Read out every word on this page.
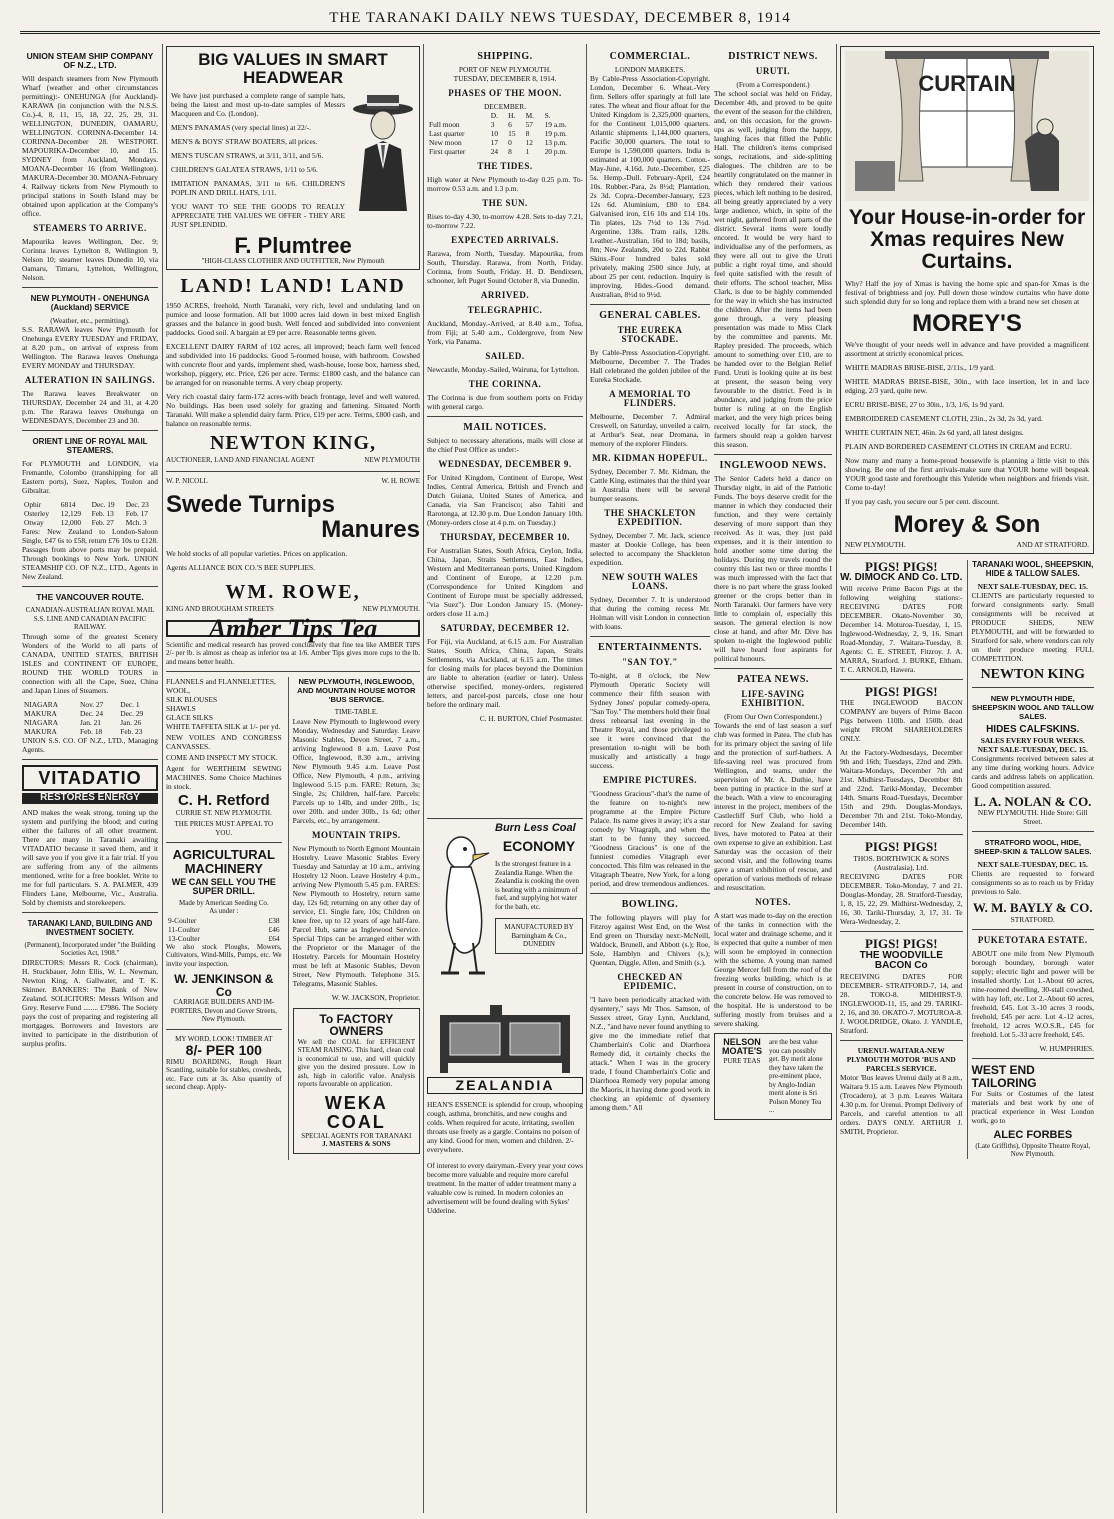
THE TARANAKI DAILY NEWS TUESDAY, DECEMBER 8, 1914
UNION STEAM SHIP COMPANY OF N.Z., LTD.

Will despatch steamers from New Plymouth Wharf (weather and other circumstances permitting):- ONEHUNGA (for Auckland)- KARAWA (in conjunction with the N.S.S. Co.)-4, 8, 11, 15, 18, 22, 25, 29, 31. WELLINGTON, DUNEDIN, OAMARU, WELLINGTON. CORINNA-December 14. CORINNA-December 28. WESTPORT. MAPOURIKA-December 10, and 15. SYDNEY from Auckland, Mondays. MOANA-December 16 (from Wellington). MAKURA-December 30. MOANA-February 4. Railway tickets from New Plymouth to principal stations in South Island may be obtained upon application at the Company's office.

STEAMERS TO ARRIVE.

Mapourika leaves Wellington, Dec. 9; Corinna leaves Lyttelton 8, Wellington 9, Nelson 10; steamer leaves Dunedin 10, via Oamaru, Timaru, Lyttelton, Wellington, Nelson.

NEW PLYMOUTH - ONEHUNGA (Auckland) SERVICE
(Weather, etc., permitting).

S.S. RARAWA leaves New Plymouth for Onehunga EVERY TUESDAY and FRIDAY, at 8.20 p.m., on arrival of express from Wellington. The Rarawa leaves Onehunga EVERY MONDAY and THURSDAY.

ALTERATION IN SAILINGS.

The Rarawa leaves Breakwater on THURSDAY, December 24 and 31, at 4.20 p.m. The Rarawa leaves Onehunga on WEDNESDAYS, December 23 and 30.

ORIENT LINE OF ROYAL MAIL STEAMERS.

For PLYMOUTH and LONDON, via Fremantle, Colombo (transhipping for all Eastern ports), Suez, Naples, Toulon and Gibraltar.

Ophir	6814	Dec. 19	Dec. 23
Osterley	12,129	Feb. 13	Feb. 17
Otway	12,000	Feb. 27	Mch. 3

Fares: New Zealand to London-Saloon Single, £47 6s to £58, return £76 10s to £128. Passages from above ports may be prepaid. Through bookings to New York. UNION STEAMSHIP CO. OF N.Z., LTD., Agents in New Zealand.

THE VANCOUVER ROUTE.
CANADIAN-AUSTRALIAN ROYAL MAIL S.S. LINE AND CANADIAN PACIFIC RAILWAY.

Through some of the greatest Scenery Wonders of the World to all parts of CANADA, UNITED STATES, BRITISH ISLES and CONTINENT OF EUROPE, ROUND THE WORLD TOURS in connection with all the Cape, Suez, China and Japan Lines of Steamers.

NIAGARA	Nov. 27	Dec. 1
MAKURA	Dec. 24	Dec. 29
NIAGARA	Jan. 21	Jan. 26
MAKURA	Feb. 18	Feb. 23

UNION S.S. CO. OF N.Z., LTD., Managing Agents.

VITADATIO
RESTORES ENERGY

AND makes the weak strong, toning up the system and purifying the blood; and curing either the failures of all other treatment. There are many in Taranaki awaiting VITADATIO because it saved them, and it will save you if you give it a fair trial. If you are suffering from any of the ailments mentioned, write for a free booklet. Write to me for full particulars. S. A. PALMER, 439 Flinders Lane, Melbourne, Vic., Australia. Sold by chemists and storekeepers.

TARANAKI LAND, BUILDING AND INVESTMENT SOCIETY.
(Permanent), Incorporated under "the Building Societies Act, 1908."

DIRECTORS: Messrs R. Cock (chairman), H. Stuckbauer, John Ellis, W. L. Newman, Newton King, A. Gallwater, and T. K. Skinner. BANKERS: The Bank of New Zealand. SOLICITORS: Messrs Wilson and Grey. Reserve Fund ........ £7986. The Society pays the cost of preparing and registering all mortgages. Borrowers and Investors are invited to participate in the distribution of surplus profits.

BIG VALUES IN SMART HEADWEAR

We have just purchased a complete range of sample hats, being the latest and most up-to-date samples of Messrs Macqueen and Co. (London).

MEN'S PANAMAS (very special lines) at 22/-.

MEN'S & BOYS' STRAW BOATERS, all prices.

MEN'S TUSCAN STRAWS, at 3/11, 3/11, and 5/6.

CHILDREN'S GALATEA STRAWS, 1/11 to 5/6.

IMITATION PANAMAS, 3/11 to 6/6. CHILDREN'S POPLIN AND DRILL HATS, 1/11.

YOU WANT TO SEE THE GOODS TO REALLY APPRECIATE THE VALUES WE OFFER - THEY ARE JUST SPLENDID.

F. Plumtree
"HIGH-CLASS CLOTHIER AND OUTFITTER, New Plymouth
LAND! LAND! LAND

1950 ACRES, freehold, North Taranaki, very rich, level and undulating land on pumice and loose formation. All but 1000 acres laid down in best mixed English grasses and the balance in good bush. Well fenced and subdivided into convenient paddocks. Good soil. A bargain at £9 per acre. Reasonable terms given.

EXCELLENT DAIRY FARM of 102 acres, all improved; beach farm well fenced and subdivided into 16 paddocks. Good 5-roomed house, with bathroom. Cowshed with concrete floor and yards, implement shed, wash-house, loose box, harness shed, workshop, piggery, etc. Price, £26 per acre. Terms: £1800 cash, and the balance can be arranged for on reasonable terms. A very cheap property.

Very rich coastal dairy farm-172 acres-with beach frontage, level and well watered. No buildings. Has been used solely for grazing and fattening. Situated North Taranaki. Will make a splendid dairy farm. Price, £19 per acre. Terms, £800 cash, and balance on reasonable terms.

NEWTON KING,
AUCTIONEER, LAND AND FINANCIAL AGENT	NEW PLYMOUTH
W. P. NICOLL	W. H. ROWE
Swede Turnips
Manures

We hold stocks of all popular varieties. Prices on application.

Agents ALLIANCE BOX CO.'S BEE SUPPLIES.

WM. ROWE,
KING AND BROUGHAM STREETS	NEW PLYMOUTH.
Amber Tips Tea

Scientific and medical research has proved conclusively that fine tea like AMBER TIPS 2/- per lb. is almost as cheap as inferior tea at 1/6. Amber Tips gives more cups to the lb. and means better health.

FLANNELS and FLANNELETTES,

WOOL,

SILK BLOUSES

SHAWLS

GLACE SILKS

WHITE TAFFETA SILK at 1/- per yd.

NEW VOILES AND CONGRESS CANVASSES.

COME AND INSPECT MY STOCK.

Agent for WERTHEIM SEWING MACHINES. Some Choice Machines in stock.

C. H. Retford
CURRIE ST. NEW PLYMOUTH.
THE PRICES MUST APPEAL TO YOU.
AGRICULTURAL MACHINERY
WE CAN SELL YOU THE SUPER DRILL.
Made by American Seeding Co.
As under :
9-Coulter	£38
11-Coulter	£46
13-Coulter	£64

We also stock Ploughs, Mowers, Cultivators, Wind-Mills, Pumps, etc. We invite your inspection.

W. JENKINSON & Co
CARRIAGE BUILDERS AND IM-PORTERS, Devon and Gover Streets, New Plymouth.
MY WORD, LOOK! TIMBER AT
8/- PER 100

RIMU BOARDING, Rough Heart Scantling, suitable for stables, cowsheds, etc. Face cuts at 3s. Also quantity of second cheap. Apply-

NEW PLYMOUTH, INGLEWOOD, AND MOUNTAIN HOUSE MOTOR 'BUS SERVICE.
TIME-TABLE.

Leave New Plymouth to Inglewood every Monday, Wednesday and Saturday. Leave Masonic Stables, Devon Street, 7 a.m., arriving Inglewood 8 a.m. Leave Post Office, Inglewood, 8.30 a.m., arriving New Plymouth 9.45 a.m. Leave Post Office, New Plymouth, 4 p.m., arriving Inglewood 5.15 p.m. FARE: Return, 3s; Single, 2s; Children, half-fare. Parcels: Parcels up to 14lb, and under 20lb., 1s; over 20lb. and under 30lb., 1s 6d; other Parcels, etc., by arrangement.

MOUNTAIN TRIPS.

New Plymouth to North Egmont Mountain Hostelry. Leave Masonic Stables Every Tuesday and Saturday at 10 a.m., arriving Hostelry 12 Noon. Leave Hostelry 4 p.m., arriving New Plymouth 5.45 p.m. FARES: New Plymouth to Hostelry, return same day, 12s 6d; returning on any other day of service, £1. Single fare, 10s; Children on knee free, up to 12 years of age half-fare. Parcel Hub, same as Inglewood Service. Special Trips can be arranged either with the Proprietor or the Manager of the Hostelry. Parcels for Mountain Hostelry must be left at Masonic Stables, Devon Street, New Plymouth. Telephone 315. Telegrams, Masonic Stables.

W. W. JACKSON, Proprietor.
To FACTORY OWNERS

We sell the COAL for EFFICIENT STEAM RAISING. This hard, clean coal is economical to use, and will quickly give you the desired pressure. Low in ash, high in calorific value. Analysis reports favourable on application.

WEKA COAL
SPECIAL AGENTS FOR TARANAKI
J. MASTERS & SONS
SHIPPING.
PORT OF NEW PLYMOUTH.
TUESDAY, DECEMBER 8, 1914.
PHASES OF THE MOON.
DECEMBER.
	D.	H.	M.	S.
Full moon	3	6	57	19 a.m.
Last quarter	10	15	8	19 p.m.
New moon	17	0	12	13 p.m.
First quarter	24	8	1	20 p.m.
THE TIDES.

High water at New Plymouth to-day 0.25 p.m. To-morrow 0.53 a.m. and 1.3 p.m.

THE SUN.

Rises to-day 4.30, to-morrow 4.28. Sets to-day 7.21, to-morrow 7.22.

EXPECTED ARRIVALS.

Rarawa, from North, Tuesday. Mapourika, from South, Thursday. Rarawa, from North, Friday. Corinna, from South, Friday. H. D. Bendixsen, schooner, left Puget Sound October 8, via Dunedin.

ARRIVED.
TELEGRAPHIC.

Auckland, Monday.-Arrived, at 8.40 a.m., Tofua, from Fiji; at 5.40 a.m., Coldergrove, from New York, via Panama.

SAILED.

Newcastle, Monday.-Sailed, Wairuna, for Lyttelton.

THE CORINNA.

The Corinna is due from southern ports on Friday with general cargo.

MAIL NOTICES.

Subject to necessary alterations, mails will close at the chief Post Office as under:-

WEDNESDAY, DECEMBER 9.

For United Kingdom, Continent of Europe, West Indies, Central America, British and French and Dutch Guiana, United States of America, and Canada, via San Francisco; also Tahiti and Rarotonga, at 12.30 p.m. Due London January 10th. (Money-orders close at 4 p.m. on Tuesday.)

THURSDAY, DECEMBER 10.

For Australian States, South Africa, Ceylon, India, China, Japan, Straits Settlements, East Indies, Western and Mediterranean ports, United Kingdom and Continent of Europe, at 12.20 p.m. (Correspondence for United Kingdom and Continent of Europe must be specially addressed, "via Suez"). Due London January 15. (Money-orders close 11 a.m.)

SATURDAY, DECEMBER 12.

For Fiji, via Auckland, at 6.15 a.m. For Australian States, South Africa, China, Japan, Straits Settlements, via Auckland, at 6.15 a.m. The times for closing mails for places beyond the Dominion are liable to alteration (earlier or later). Unless otherwise specified, money-orders, registered letters, and parcel-post parcels, close one hour before the ordinary mail.

C. H. BURTON, Chief Postmaster.
COMMERCIAL.
LONDON MARKETS.

By Cable-Press Association-Copyright. London, December 6. Wheat.-Very firm. Sellers offer sparingly at full late rates. The wheat and flour afloat for the United Kingdom is 2,325,000 quarters, for the Continent 1,015,000 quarters. Atlantic shipments 1,144,000 quarters, Pacific 30,000 quarters. The total to Europe is 1,590,000 quarters. India is estimated at 100,000 quarters. Cotton.-May-June, 4.16d. Jute.-December, £25 5s. Hemp.-Dull. February-April, £24 10s. Rubber.-Para, 2s 8½d; Plantation, 2s 3d. Copra.-December-January, £23 12s 6d. Aluminium, £80 to £84. Galvanised iron, £16 10s and £14 10s. Tin plates, 12s 7½d to 13s 7½d. Argentine, 138s. Tram rails, 128s. Leather.-Australian, 16d to 18d; basils, 8m; New Zealands, 20d to 22d. Rabbit Skins.-Four hundred bales sold privately, making 2500 since July, at about 25 per cent. reduction. Inquiry is improving. Hides.-Good demand. Australian, 8½d to 9½d.

GENERAL CABLES.
THE EUREKA STOCKADE.

By Cable-Press Association-Copyright. Melbourne, December 7. The Trades Hall celebrated the golden jubilee of the Eureka Stockade.

A MEMORIAL TO FLINDERS.

Melbourne, December 7. Admiral Creswell, on Saturday, unveiled a cairn, at Arthur's Seat, near Dromana, in memory of the explorer Flinders.

MR. KIDMAN HOPEFUL.

Sydney, December 7. Mr. Kidman, the Cattle King, estimates that the third year in Australia there will be several bumper seasons.

THE SHACKLETON EXPEDITION.

Sydney, December 7. Mr. Jack, science master at Dookie College, has been selected to accompany the Shackleton expedition.

NEW SOUTH WALES LOANS.

Sydney, December 7. It is understood that during the coming recess Mr. Holman will visit London in connection with loans.

ENTERTAINMENTS.
"SAN TOY."

To-night, at 8 o'clock, the New Plymouth Operatic Society will commence their fifth season with Sydney Jones' popular comedy-opera, "San Toy." The members hold their final dress rehearsal last evening in the Theatre Royal, and those privileged to see it were convinced that the presentation to-night will be both musically and artistically a huge success.

EMPIRE PICTURES.

"Goodness Gracious"-that's the name of the feature on to-night's new programme at the Empire Picture Palace. Its name gives it away; it's a star comedy by Vitagraph, and when the start to be funny they succeed. "Goodness Gracious" is one of the funniest comedies Vitagraph ever concocted. This film was released in the Vitagraph Theatre, New York, for a long period, and drew tremendous audiences.

BOWLING.

The following players will play for Fitzroy against West End, on the West End green on Thursday next:-McNeill, Waldock, Brunell, and Abbott (s.); Roe, Sole, Hamblyn and Chivers (s.); Quentan, Diggle, Allen, and Smith (s.).

CHECKED AN EPIDEMIC.

"I have been periodically attacked with dysentery," says Mr Thos. Samson, of Sussex street, Gray Lynn, Auckland, N.Z., "and have never found anything to give me the immediate relief that Chamberlain's Colic and Diarrhoea Remedy did, it certainly checks the attack." When I was in the grocery trade, I found Chamberlain's Colic and Diarrhoea Remedy very popular among the Maoris, it having done good work in checking an epidemic of dysentery among them." All

Burn Less Coal
ECONOMY

Is the strongest feature in a Zealandia Range. When the Zealandia is cooking the oven is heating with a minimum of fuel, and supplying hot water for the bath, etc.

MANUFACTURED BY Barningham & Co., DUNEDIN
ZEALANDIA

HEAN'S ESSENCE is splendid for croup, whooping cough, asthma, bronchitis, and new coughs and colds. When required for acute, irritating, swollen throats use freely as a gargle. Contains no poison of any kind. Good for men, women and children. 2/- everywhere.

Of interest to every dairyman.-Every year your cows become more valuable and require more careful treatment. In the matter of udder treatment many a valuable cow is ruined. In modern colonies an advertisement will be found dealing with Sykes' Udderine.

DISTRICT NEWS.
URUTI.
(From a Correspondent.)

The school social was held on Friday, December 4th, and proved to be quite the event of the season for the children, and, on this occasion, for the grown-ups as well, judging from the happy, laughing faces that filled the Public Hall. The children's items comprised songs, recitations, and side-splitting dialogues. The children are to be heartily congratulated on the manner in which they rendered their various pieces, which left nothing to be desired, all being greatly appreciated by a very large audience, which, in spite of the wet night, gathered from all parts of the district. Several items were loudly encored. It would be very hard to individualise any of the performers, as they were all out to give the Uruti public a right royal time, and should feel quite satisfied with the result of their efforts. The school teacher, Miss Clark, is due to be highly commended for the way in which she has instructed the children. After the items had been gone through, a very pleasing presentation was made to Miss Clark by the committee and parents. Mr. Rapley presided. The proceeds, which amount to something over £10, are to be handed over to the Belgian Relief Fund. Uruti is looking quite at its best at present, the season being very favourable to the district. Feed is in abundance, and judging from the price butter is ruling at on the English market, and the very high prices being received locally for fat stock, the farmers should reap a golden harvest this season.

INGLEWOOD NEWS.

The Senior Cadets held a dance on Thursday night, in aid of the Patriotic Funds. The boys deserve credit for the manner in which they conducted their function, and they were certainly deserving of more support than they received. As it was, they just paid expenses, and it is their intention to hold another some time during the holidays. During my travels round the country this last two or three months I was much impressed with the fact that there is no part where the grass looked greener or the crops better than in North Taranaki. Our farmers have very little to complain of, especially this season. The general election is now close at hand, and after Mr. Dive has spoken to-night the Inglewood public will have heard four aspirants for political honours.

PATEA NEWS.
LIFE-SAVING EXHIBITION.
(From Our Own Correspondent.)

Towards the end of last season a surf club was formed in Patea. The club has for its primary object the saving of life and the protection of surf-bathers. A life-saving reel was procured from Wellington, and teams, under the supervision of Mr. A. Duthie, have been putting in practice in the surf at the beach. With a view to encouraging interest in the project, members of the Castlecliff Surf Club, who hold a record for New Zealand for saving lives, have motored to Patea at their own expense to give an exhibition. Last Saturday was the occasion of their second visit, and the following teams gave a smart exhibition of rescue, and operation of various methods of release and resuscitation.

NOTES.

A start was made to-day on the erection of the tanks in connection with the local water and drainage scheme, and it is expected that quite a number of men will soon be employed in connection with the scheme. A young man named George Mercer fell from the roof of the freezing works building, which is at present in course of construction, on to the concrete below. He was removed to the hospital. He is understood to be suffering mostly from bruises and a severe shaking.

NELSON MOATE'S
PURE TEAS
are the best value you can possibly get. By merit alone they have taken the pre-eminent place, by Anglo-Indian merit alone is Sri Polson Money Tea ...
CURTAIN
Your House-in-order for Xmas requires New Curtains.

Why? Half the joy of Xmas is having the home spic and span-for Xmas is the festival of brightness and joy. Pull down those window curtains who have done such splendid duty for so long and replace them with a brand new set chosen at

MOREY'S

We've thought of your needs well in advance and have provided a magnificent assortment at strictly economical prices.

WHITE MADRAS BRISE-BISE, 2/11s., 1/9 yard.

WHITE MADRAS BRISE-BISE, 30in., with lace insertion, let in and lace edging, 2/3 yard, quite new.

ECRU BRISE-BISE, 27 to 30in., 1/3, 1/6, 1s 9d yard.

EMBROIDERED CASEMENT CLOTH, 23in., 2s 3d, 2s 3d, yard.

WHITE CURTAIN NET, 46in. 2s 6d yard, all latest designs.

PLAIN AND BORDERED CASEMENT CLOTHS IN CREAM and ECRU.

Now many and many a home-proud housewife is planning a little visit to this showing. Be one of the first arrivals-make sure that YOUR home will bespeak YOUR good taste and forethought this Yuletide when neighbors and friends visit. Come to-day!

If you pay cash, you secure our 5 per cent. discount.

Morey & Son
NEW PLYMOUTH.	AND AT STRATFORD.
PIGS! PIGS!
W. DIMOCK AND Co. LTD.

Will receive Prime Bacon Pigs at the following weighing stations:- RECEIVING DATES FOR DECEMBER. Okato-November 30, December 14. Moturoa-Tuesday, 1, 15. Inglewood-Wednesday, 2, 9, 16. Smart Road-Monday, 7. Waitara-Tuesday, 8. Agents: C. E. STREET, Fitzroy. J. A. MARRA, Stratford. J. BURKE, Eltham. T. C. ARNOLD, Hawera.

PIGS! PIGS!

THE INGLEWOOD BACON COMPANY are buyers of Prime Bacon Pigs between 110lb. and 150lb. dead weight FROM SHAREHOLDERS ONLY.

At the Factory-Wednesdays, December 9th and 16th; Tuesdays, 22nd and 29th. Waitara-Mondays, December 7th and 21st. Midhirst-Tuesdays, December 8th and 22nd. Tariki-Monday, December 14th. Smarts Road-Tuesdays, December 15th and 29th. Douglas-Mondays, December 7th and 21st. Toko-Monday, December 14th.

PIGS! PIGS!
THOS. BORTHWICK & SONS (Australasia), Ltd.

RECEIVING DATES FOR DECEMBER. Toko-Monday, 7 and 21. Douglas-Monday, 28. Stratford-Tuesday, 1, 8, 15, 22, 29. Midhirst-Wednesday, 2, 16, 30. Tariki-Thursday, 3, 17, 31. Te Wera-Wednesday, 2.

PIGS! PIGS!
THE WOODVILLE BACON Co

RECEIVING DATES FOR DECEMBER- STRATFORD-7, 14, and 28. TOKO-8. MIDHIRST-9. INGLEWOOD-11, 15, and 29. TARIKI-2, 16, and 30. OKATO-7. MOTUROA-8. J. WOOLDRIDGE, Okato. J. YANDLE, Stratford.

URENUI-WAITARA-NEW PLYMOUTH MOTOR 'BUS AND PARCELS SERVICE.

Motor 'Bus leaves Urenui daily at 8 a.m., Waitara 9.15 a.m. Leaves New Plymouth (Trocadero), at 3 p.m. Leaves Waitara 4.30 p.m. for Urenui. Prompt Delivery of Parcels, and careful attention to all orders. DAYS ONLY. ARTHUR J. SMITH, Proprietor.

TARANAKI WOOL, SHEEPSKIN, HIDE & TALLOW SALES.
NEXT SALE-TUESDAY, DEC. 15.

CLIENTS are particularly requested to forward consignments early. Small consignments will be received at PRODUCE SHEDS, NEW PLYMOUTH, and will be forwarded to Stratford for sale, where vendors can rely on their produce meeting FULL COMPETITION.

NEWTON KING
NEW PLYMOUTH HIDE, SHEEPSKIN WOOL AND TALLOW SALES.
HIDES CALFSKINS.
SALES EVERY FOUR WEEKS.
NEXT SALE-TUESDAY, DEC. 15.

Consignments received between sales at any time during working hours. Advice cards and address labels on application. Good competition assured.

L. A. NOLAN & CO.
NEW PLYMOUTH. Hide Store: Gill Street.
STRATFORD WOOL, HIDE, SHEEP-SKIN & TALLOW SALES.
NEXT SALE-TUESDAY, DEC. 15.

Clients are requested to forward consignments so as to reach us by Friday previous to Sale.

W. M. BAYLY & CO.
STRATFORD.
PUKETOTARA ESTATE.

ABOUT one mile from New Plymouth borough boundary, borough water supply; electric light and power will be installed shortly. Lot 1.-About 60 acres, nine-roomed dwelling, 30-stall cowshed, with hay loft, etc. Lot 2.-About 60 acres, freehold, £45. Lot 3.-10 acres 3 roods, freehold, £45 per acre. Lot 4.-12 acres, freehold, 12 acres W.O.S.R., £45 for freehold. Lot 5.-33 acre freehold, £45.

W. HUMPHRIES.
WEST END TAILORING

For Suits or Costumes of the latest materials and best work by one of practical experience in West London work, go to

ALEC FORBES
(Late Griffiths), Opposite Theatre Royal, New Plymouth.
